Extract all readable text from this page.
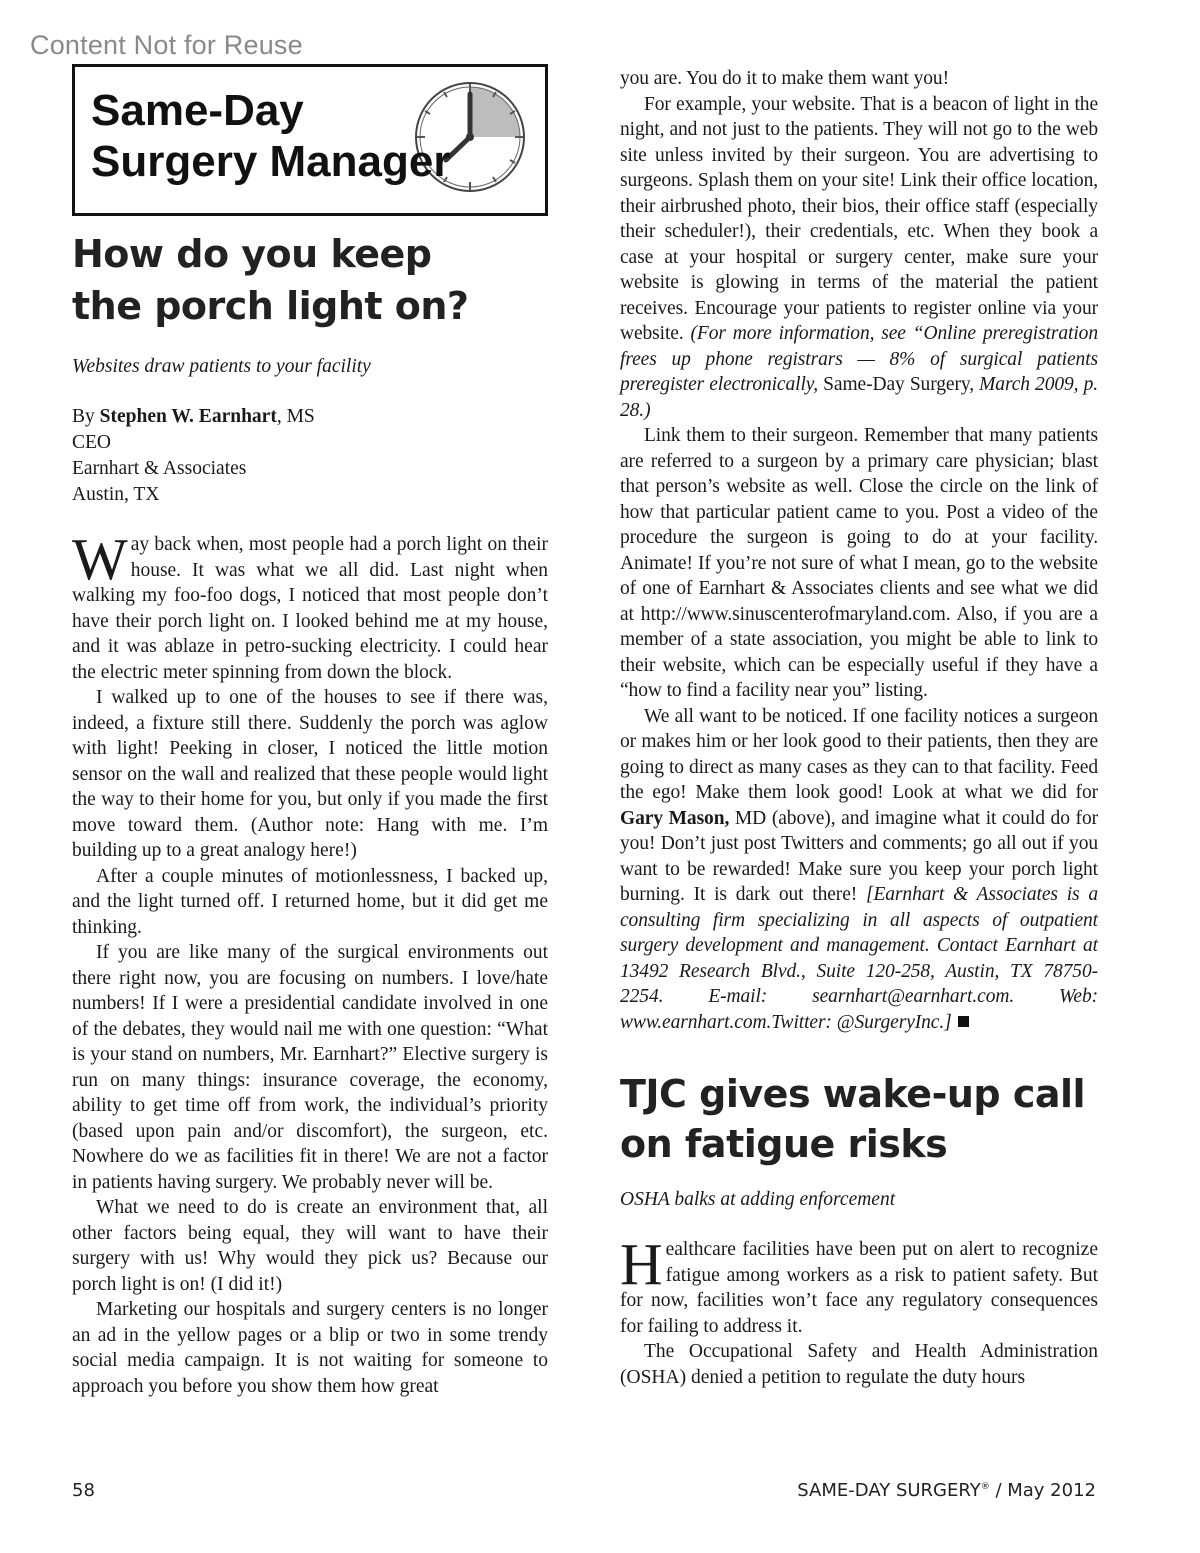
Content Not for Reuse
Same-Day
Surgery Manager
How do you keep
the porch light on?

Websites draw patients to your facility

By Stephen W. Earnhart, MS
CEO
Earnhart & Associates
Austin, TX

Way back when, most people had a porch light on their house. It was what we all did. Last night when walking my foo-foo dogs, I noticed that most people don’t have their porch light on. I looked behind me at my house, and it was ablaze in petro-sucking electricity. I could hear the electric meter spinning from down the block.

I walked up to one of the houses to see if there was, indeed, a fixture still there. Suddenly the porch was aglow with light! Peeking in closer, I noticed the little motion sensor on the wall and realized that these people would light the way to their home for you, but only if you made the first move toward them. (Author note: Hang with me. I’m building up to a great analogy here!)

After a couple minutes of motionlessness, I backed up, and the light turned off. I returned home, but it did get me thinking.

If you are like many of the surgical environments out there right now, you are focusing on numbers. I love/hate numbers! If I were a presidential candidate involved in one of the debates, they would nail me with one question: “What is your stand on numbers, Mr. Earnhart?” Elective surgery is run on many things: insurance coverage, the economy, ability to get time off from work, the individual’s priority (based upon pain and/or discomfort), the surgeon, etc. Nowhere do we as facilities fit in there! We are not a factor in patients having surgery. We probably never will be.

What we need to do is create an environment that, all other factors being equal, they will want to have their surgery with us! Why would they pick us? Because our porch light is on! (I did it!)

Marketing our hospitals and surgery centers is no longer an ad in the yellow pages or a blip or two in some trendy social media campaign. It is not waiting for someone to approach you before you show them how great

you are. You do it to make them want you!

For example, your website. That is a beacon of light in the night, and not just to the patients. They will not go to the web site unless invited by their surgeon. You are advertising to surgeons. Splash them on your site! Link their office location, their airbrushed photo, their bios, their office staff (especially their scheduler!), their credentials, etc. When they book a case at your hospital or surgery center, make sure your website is glowing in terms of the material the patient receives. Encourage your patients to register online via your website. (For more information, see “Online preregistration frees up phone registrars — 8% of surgical patients preregister electronically, Same-Day Surgery, March 2009, p. 28.)

Link them to their surgeon. Remember that many patients are referred to a surgeon by a primary care physician; blast that person’s website as well. Close the circle on the link of how that particular patient came to you. Post a video of the procedure the surgeon is going to do at your facility. Animate! If you’re not sure of what I mean, go to the website of one of Earnhart & Associates clients and see what we did at http://www.sinuscenterofmaryland.com. Also, if you are a member of a state association, you might be able to link to their website, which can be especially useful if they have a “how to find a facility near you” listing.

We all want to be noticed. If one facility notices a surgeon or makes him or her look good to their patients, then they are going to direct as many cases as they can to that facility. Feed the ego! Make them look good! Look at what we did for Gary Mason, MD (above), and imagine what it could do for you! Don’t just post Twitters and comments; go all out if you want to be rewarded! Make sure you keep your porch light burning. It is dark out there! [Earnhart & Associates is a consulting firm specializing in all aspects of outpatient surgery development and management. Contact Earnhart at 13492 Research Blvd., Suite 120-258, Austin, TX 78750-2254. E-mail: searnhart@earnhart.com. Web: www.earnhart.com.Twitter: @SurgeryInc.]

TJC gives wake-up call
on fatigue risks

OSHA balks at adding enforcement

Healthcare facilities have been put on alert to recognize fatigue among workers as a risk to patient safety. But for now, facilities won’t face any regulatory consequences for failing to address it.

The Occupational Safety and Health Administration (OSHA) denied a petition to regulate the duty hours

58	SAME-DAY SURGERY® / May 2012
